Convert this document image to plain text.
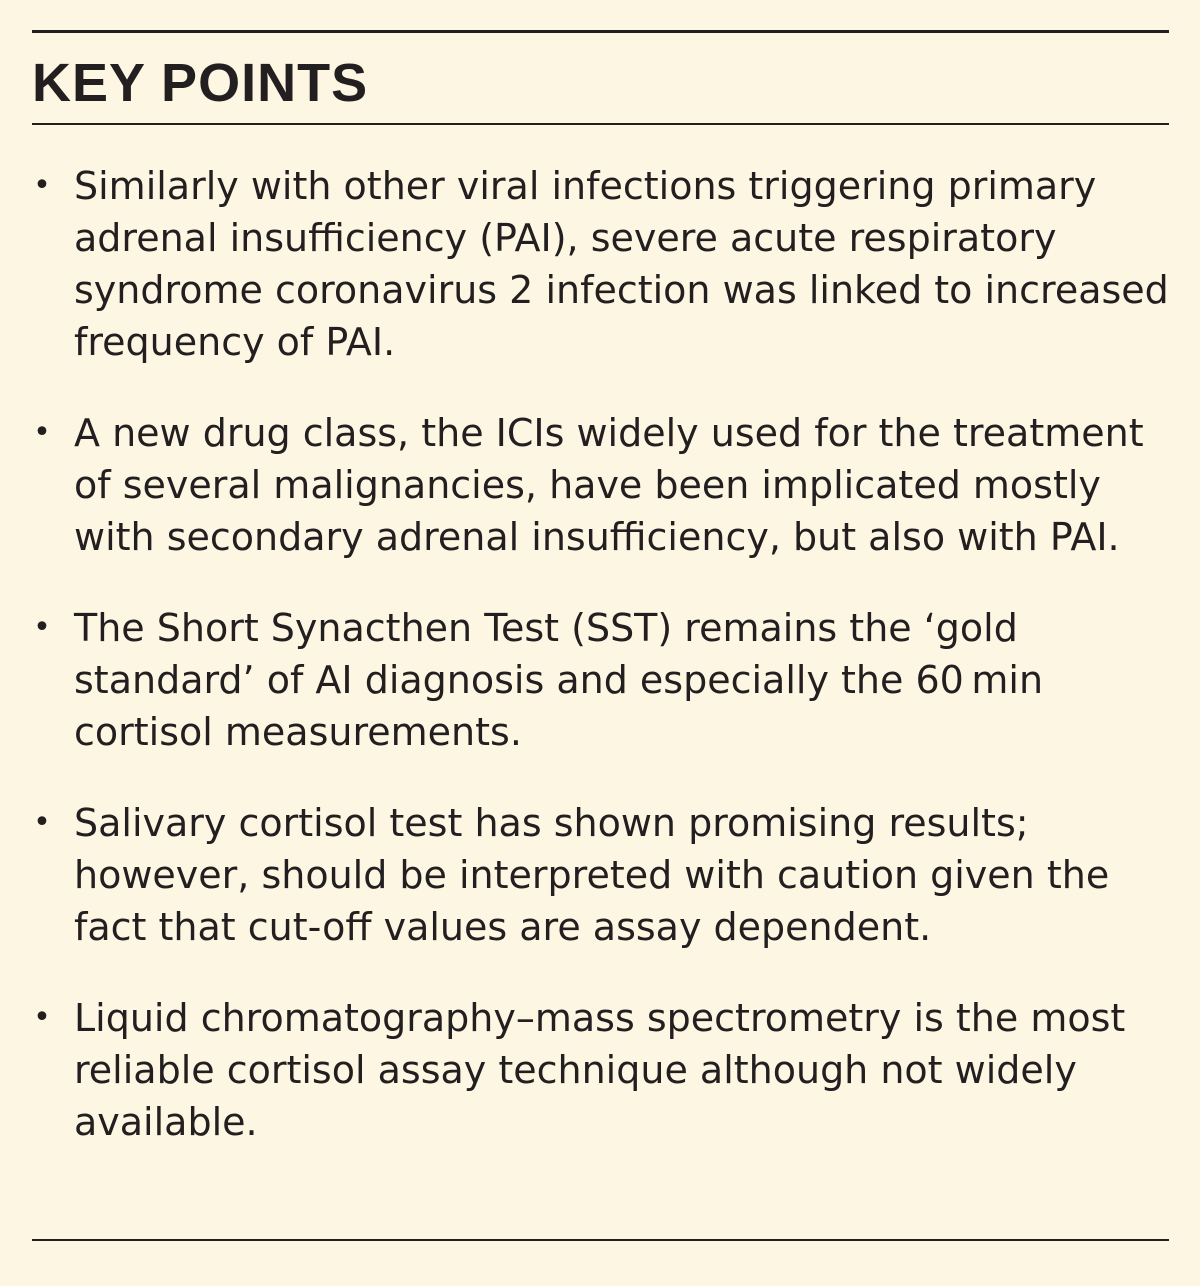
KEY POINTS
• Similarly with other viral infections triggering primary adrenal insufficiency (PAI), severe acute respiratory syndrome coronavirus 2 infection was linked to increased frequency of PAI.
• A new drug class, the ICIs widely used for the treatment of several malignancies, have been implicated mostly with secondary adrenal insufficiency, but also with PAI.
• The Short Synacthen Test (SST) remains the ‘gold standard’ of AI diagnosis and especially the 60 min cortisol measurements.
• Salivary cortisol test has shown promising results; however, should be interpreted with caution given the fact that cut-off values are assay dependent.
• Liquid chromatography–mass spectrometry is the most reliable cortisol assay technique although not widely available.
